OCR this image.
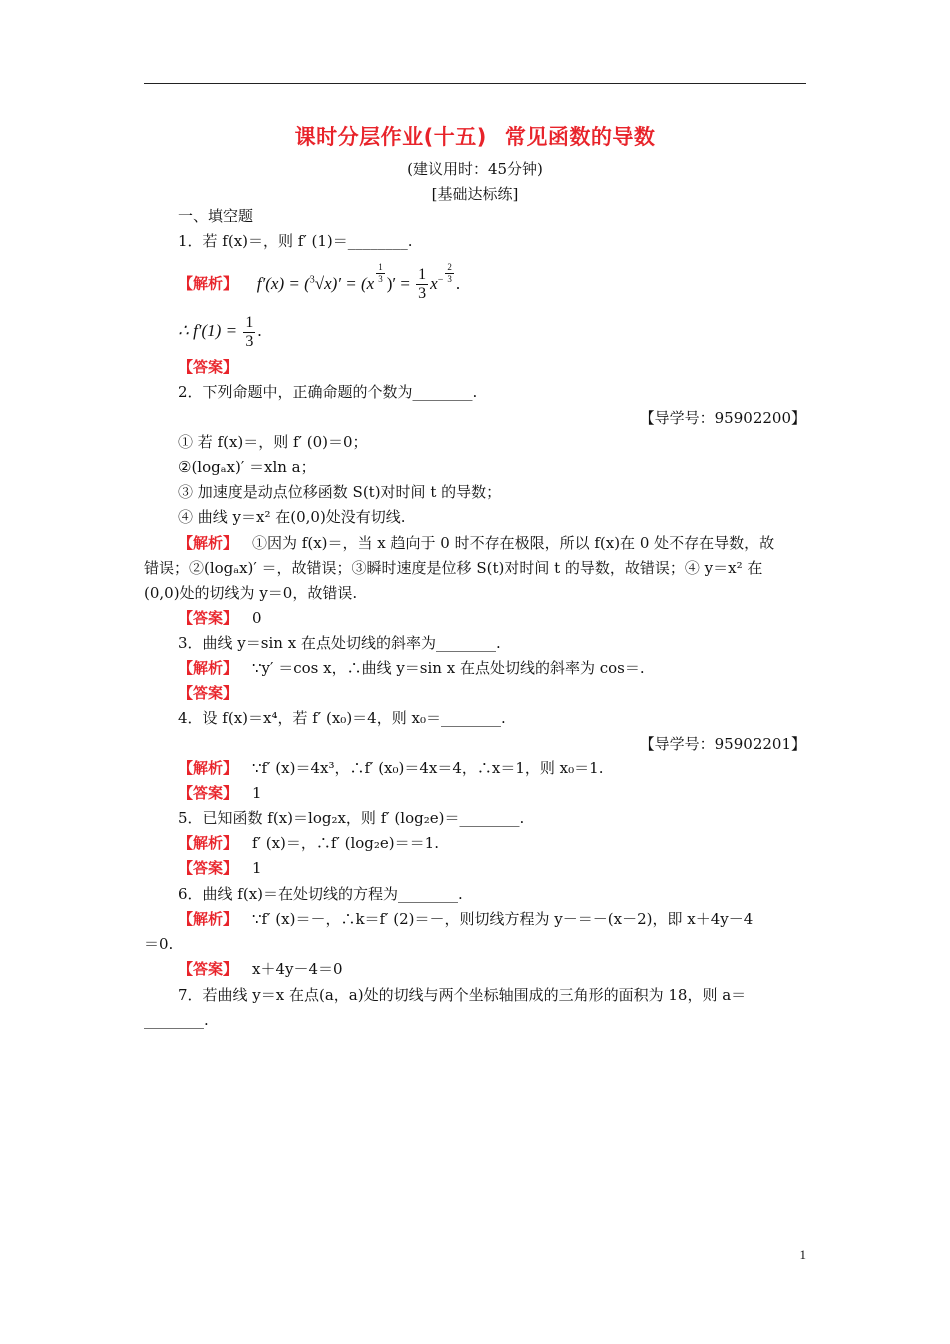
课时分层作业(十五) 常见函数的导数
(建议用时：45分钟)
[基础达标练]
一、填空题
1．若 f(x)＝，则 f′ (1)＝________.
【解析】 $f'(x) = (^3√x)' = (x \frac{1}{3}$ )′ = $\frac{1}{3} x^- \frac{2}{3}$ .
∴ $f'(1) = \frac{1}{3}$ .
【答案】
2．下列命题中，正确命题的个数为________.
【导学号：95902200】
① 若 f(x)＝，则 f′ (0)＝0；
②(logₐx)′ ＝xln a；
③ 加速度是动点位移函数 S(t)对时间 t 的导数；
④ 曲线 y＝x² 在(0,0)处没有切线.
【解析】 ①因为 f(x)＝，当 x 趋向于 0 时不存在极限，所以 f(x)在 0 处不存在导数，故
错误；②(logₐx)′ ＝，故错误；③瞬时速度是位移 S(t)对时间 t 的导数，故错误；④ y＝x² 在
(0,0)处的切线为 y＝0，故错误.
【答案】 0
3．曲线 y＝sin x 在点处切线的斜率为________.
【解析】 ∵y′ ＝cos x，∴曲线 y＝sin x 在点处切线的斜率为 cos＝.
【答案】
4．设 f(x)＝x⁴，若 f′ (x₀)＝4，则 x₀＝________.
【导学号：95902201】
【解析】 ∵f′ (x)＝4x³，∴f′ (x₀)＝4x＝4，∴x＝1，则 x₀＝1.
【答案】 1
5．已知函数 f(x)＝log₂x，则 f′ (log₂e)＝________.
【解析】 f′ (x)＝，∴f′ (log₂e)＝＝1.
【答案】 1
6．曲线 f(x)＝在处切线的方程为________.
【解析】 ∵f′ (x)＝－，∴k＝f′ (2)＝－，则切线方程为 y－＝－(x－2)，即 x＋4y－4
＝0.
【答案】 x＋4y－4＝0
7．若曲线 y＝x 在点(a，a)处的切线与两个坐标轴围成的三角形的面积为 18，则 a＝
________.
1
